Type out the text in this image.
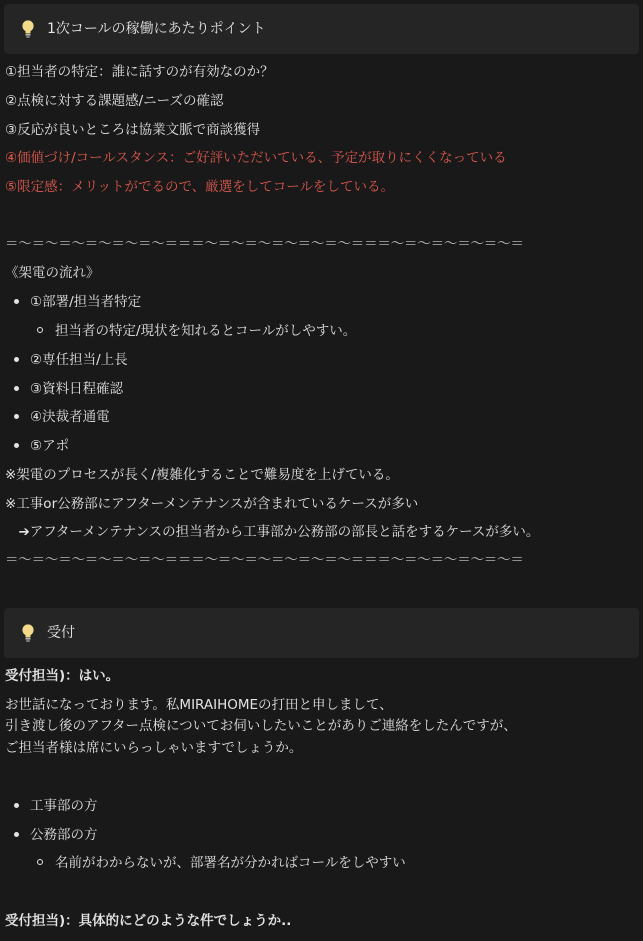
1次コールの稼働にあたりポイント
①担当者の特定：誰に話すのが有効なのか？
②点検に対する課題感/ニーズの確認
③反応が良いところは協業文脈で商談獲得
④価値づけ/コールスタンス：ご好評いただいている、予定が取りにくくなっている
⑤限定感：メリットがでるので、厳選をしてコールをしている。
＝〜＝〜＝〜＝〜＝〜＝〜＝＝＝〜＝〜＝〜＝〜＝〜＝〜＝＝＝〜＝〜＝〜＝〜＝〜＝
《架電の流れ》
①部署/担当者特定
担当者の特定/現状を知れるとコールがしやすい。
②専任担当/上長
③資料日程確認
④決裁者通電
⑤アポ
※架電のプロセスが長く/複雑化することで難易度を上げている。
※工事or公務部にアフターメンテナンスが含まれているケースが多い
　➔アフターメンテナンスの担当者から工事部か公務部の部長と話をするケースが多い。
＝〜＝〜＝〜＝〜＝〜＝〜＝＝＝〜＝〜＝〜＝〜＝〜＝〜＝＝＝〜＝〜＝〜＝〜＝〜＝
受付
受付担当)：はい。
お世話になっております。私MIRAIHOMEの打田と申しまして、
引き渡し後のアフター点検についてお伺いしたいことがありご連絡をしたんですが、
ご担当者様は席にいらっしゃいますでしょうか。
工事部の方
公務部の方
名前がわからないが、部署名が分かればコールをしやすい
受付担当)：具体的にどのような件でしょうか..
